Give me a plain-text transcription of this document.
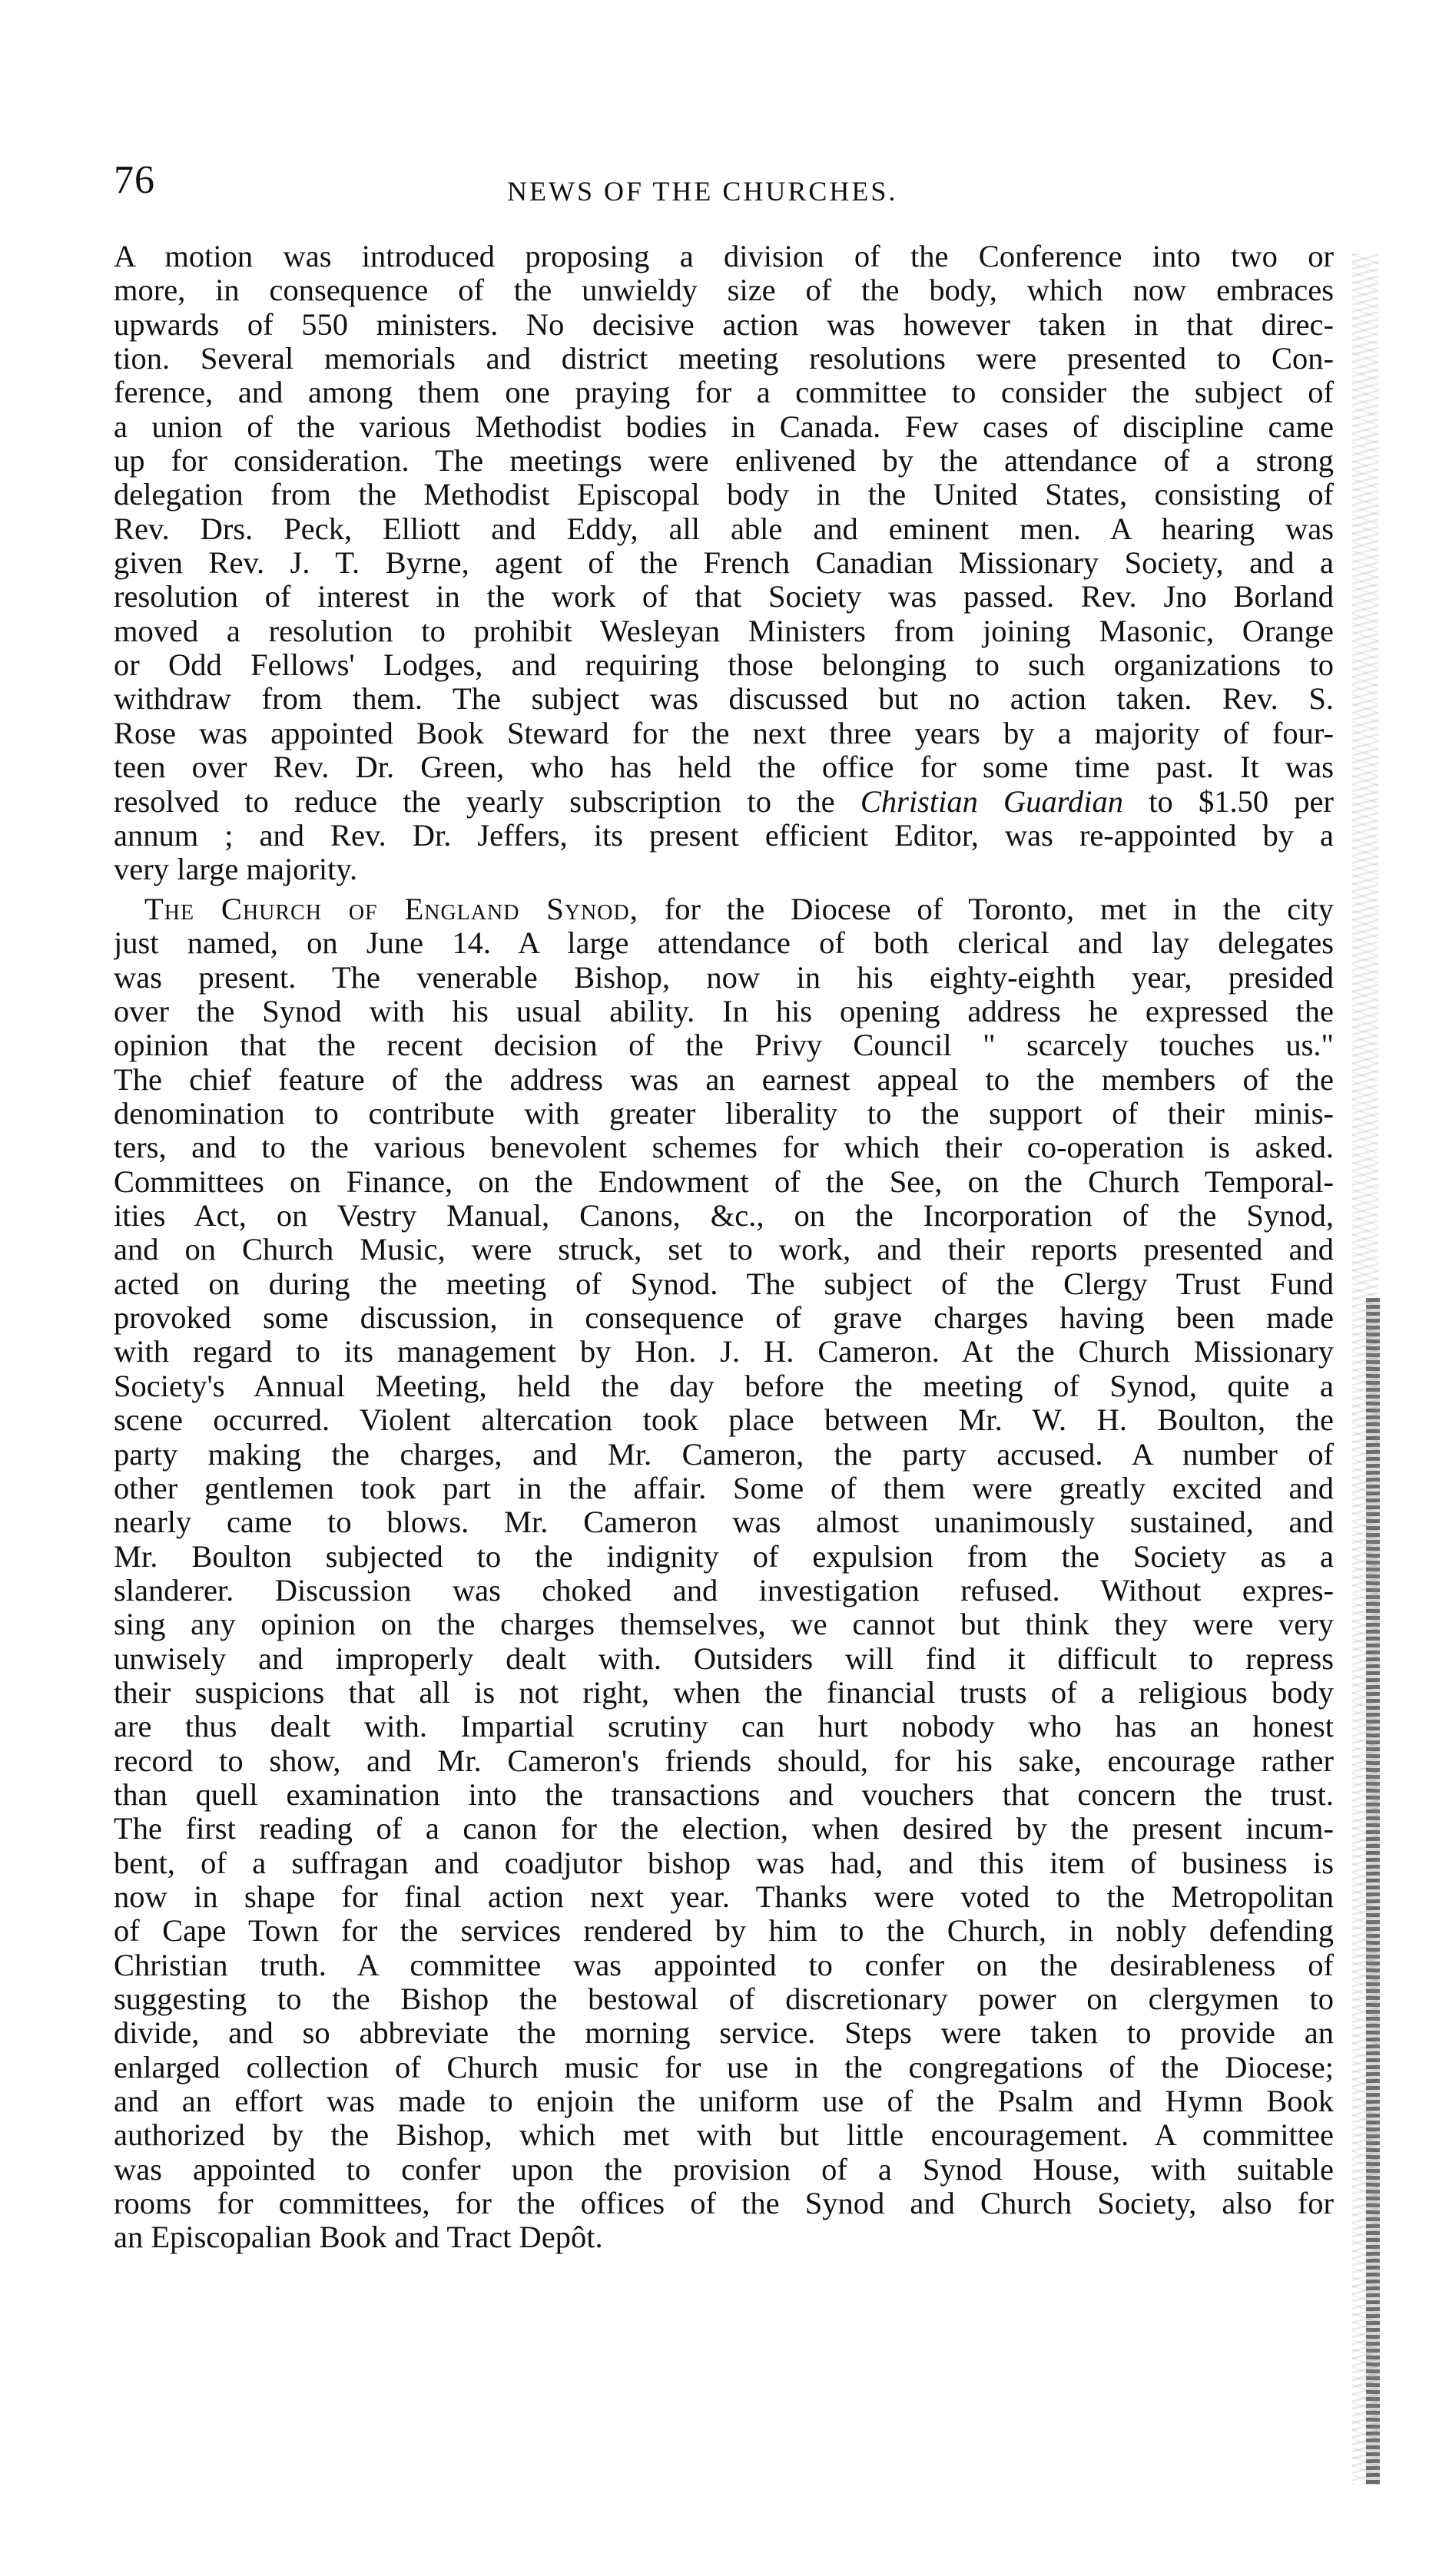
76	NEWS OF THE CHURCHES.
A motion was introduced proposing a division of the Conference into two or
more, in consequence of the unwieldy size of the body, which now embraces
upwards of 550 ministers. No decisive action was however taken in that direc-
tion. Several memorials and district meeting resolutions were presented to Con-
ference, and among them one praying for a committee to consider the subject of
a union of the various Methodist bodies in Canada. Few cases of discipline came
up for consideration. The meetings were enlivened by the attendance of a strong
delegation from the Methodist Episcopal body in the United States, consisting of
Rev. Drs. Peck, Elliott and Eddy, all able and eminent men. A hearing was
given Rev. J. T. Byrne, agent of the French Canadian Missionary Society, and a
resolution of interest in the work of that Society was passed. Rev. Jno Borland
moved a resolution to prohibit Wesleyan Ministers from joining Masonic, Orange
or Odd Fellows' Lodges, and requiring those belonging to such organizations to
withdraw from them. The subject was discussed but no action taken. Rev. S.
Rose was appointed Book Steward for the next three years by a majority of four-
teen over Rev. Dr. Green, who has held the office for some time past. It was
resolved to reduce the yearly subscription to the Christian Guardian to $1.50 per
annum ; and Rev. Dr. Jeffers, its present efficient Editor, was re-appointed by a
very large majority.
The Church of England Synod, for the Diocese of Toronto, met in the city
just named, on June 14. A large attendance of both clerical and lay delegates
was present. The venerable Bishop, now in his eighty-eighth year, presided
over the Synod with his usual ability. In his opening address he expressed the
opinion that the recent decision of the Privy Council " scarcely touches us."
The chief feature of the address was an earnest appeal to the members of the
denomination to contribute with greater liberality to the support of their minis-
ters, and to the various benevolent schemes for which their co-operation is asked.
Committees on Finance, on the Endowment of the See, on the Church Temporal-
ities Act, on Vestry Manual, Canons, &c., on the Incorporation of the Synod,
and on Church Music, were struck, set to work, and their reports presented and
acted on during the meeting of Synod. The subject of the Clergy Trust Fund
provoked some discussion, in consequence of grave charges having been made
with regard to its management by Hon. J. H. Cameron. At the Church Missionary
Society's Annual Meeting, held the day before the meeting of Synod, quite a
scene occurred. Violent altercation took place between Mr. W. H. Boulton, the
party making the charges, and Mr. Cameron, the party accused. A number of
other gentlemen took part in the affair. Some of them were greatly excited and
nearly came to blows. Mr. Cameron was almost unanimously sustained, and
Mr. Boulton subjected to the indignity of expulsion from the Society as a
slanderer. Discussion was choked and investigation refused. Without expres-
sing any opinion on the charges themselves, we cannot but think they were very
unwisely and improperly dealt with. Outsiders will find it difficult to repress
their suspicions that all is not right, when the financial trusts of a religious body
are thus dealt with. Impartial scrutiny can hurt nobody who has an honest
record to show, and Mr. Cameron's friends should, for his sake, encourage rather
than quell examination into the transactions and vouchers that concern the trust.
The first reading of a canon for the election, when desired by the present incum-
bent, of a suffragan and coadjutor bishop was had, and this item of business is
now in shape for final action next year. Thanks were voted to the Metropolitan
of Cape Town for the services rendered by him to the Church, in nobly defending
Christian truth. A committee was appointed to confer on the desirableness of
suggesting to the Bishop the bestowal of discretionary power on clergymen to
divide, and so abbreviate the morning service. Steps were taken to provide an
enlarged collection of Church music for use in the congregations of the Diocese;
and an effort was made to enjoin the uniform use of the Psalm and Hymn Book
authorized by the Bishop, which met with but little encouragement. A committee
was appointed to confer upon the provision of a Synod House, with suitable
rooms for committees, for the offices of the Synod and Church Society, also for
an Episcopalian Book and Tract Depôt.
